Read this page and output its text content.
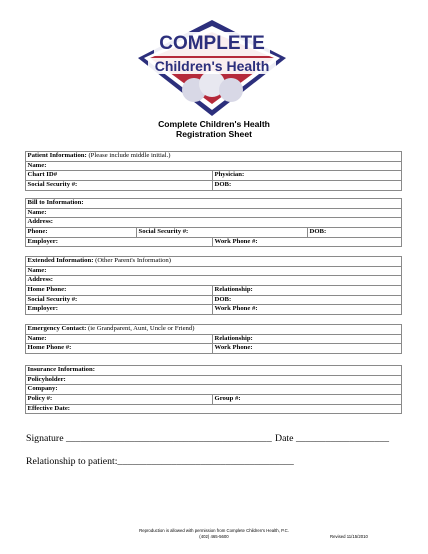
COMPLETE
Children's Health
Complete Children's Health
Registration Sheet
Patient Information: (Please include middle initial.)
Name:
Chart ID#	Physician:
Social Security #:	DOB:
Bill to Information:
Name:
Address:
Phone:	Social Security #:	DOB:
Employer:	Work Phone #:
Extended Information: (Other Parent's Information)
Name:
Address:
Home Phone:	Relationship:
Social Security #:	DOB:
Employer:	Work Phone #:
Emergency Contact: (ie Grandparent, Aunt, Uncle or Friend)
Name:	Relationship:
Home Phone #:	Work Phone:
Insurance Information:
Policyholder:
Company:
Policy #:	Group #:
Effective Date:
Signature __________________________________________ Date ___________________
Relationship to patient:____________________________________
Reproduction is allowed with permission from Complete Children's Health, P.C.
(402) 465-5600	Revised 11/15/2010
